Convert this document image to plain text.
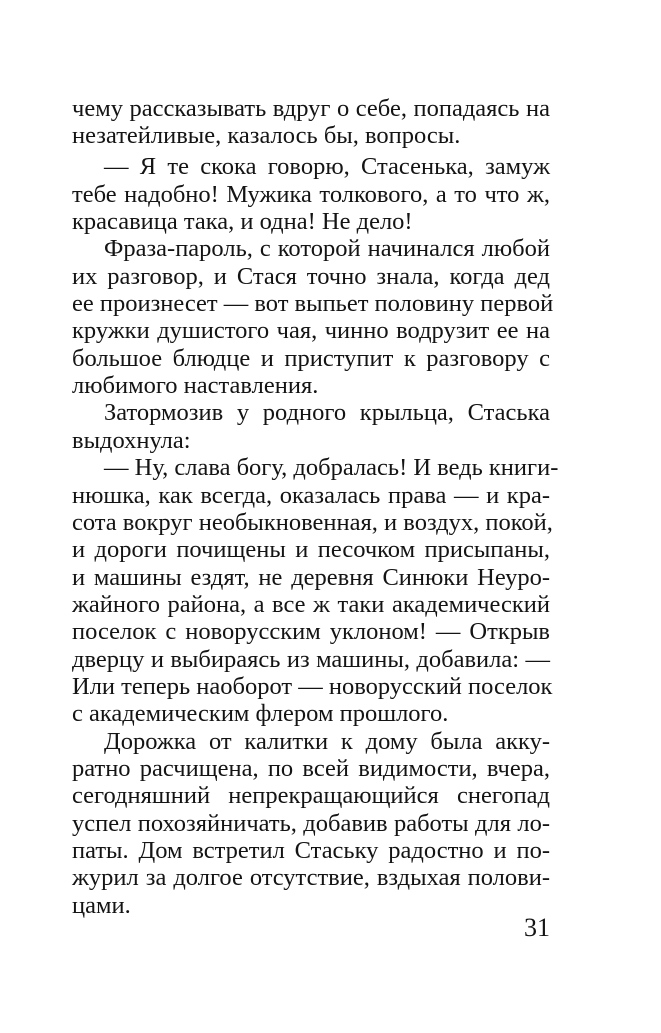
чему рассказывать вдруг о себе, попадаясь на
незатейливые, казалось бы, вопросы.
— Я те скока говорю, Стасенька, замуж
тебе надобно! Мужика толкового, а то что ж,
красавица така, и одна! Не дело!
Фраза-пароль, с которой начинался любой
их разговор, и Стася точно знала, когда дед
ее произнесет — вот выпьет половину первой
кружки душистого чая, чинно водрузит ее на
большое блюдце и приступит к разговору с
любимого наставления.
Затормозив у родного крыльца, Стаська
выдохнула:
— Ну, слава богу, добралась! И ведь книги-
нюшка, как всегда, оказалась права — и кра-
сота вокруг необыкновенная, и воздух, покой,
и дороги почищены и песочком присыпаны,
и машины ездят, не деревня Синюки Неуро-
жайного района, а все ж таки академический
поселок с новорусским уклоном! — Открыв
дверцу и выбираясь из машины, добавила: —
Или теперь наоборот — новорусский поселок
с академическим флером прошлого.
Дорожка от калитки к дому была акку-
ратно расчищена, по всей видимости, вчера,
сегодняшний непрекращающийся снегопад
успел похозяйничать, добавив работы для ло-
паты. Дом встретил Стаську радостно и по-
журил за долгое отсутствие, вздыхая полови-
цами.
31
